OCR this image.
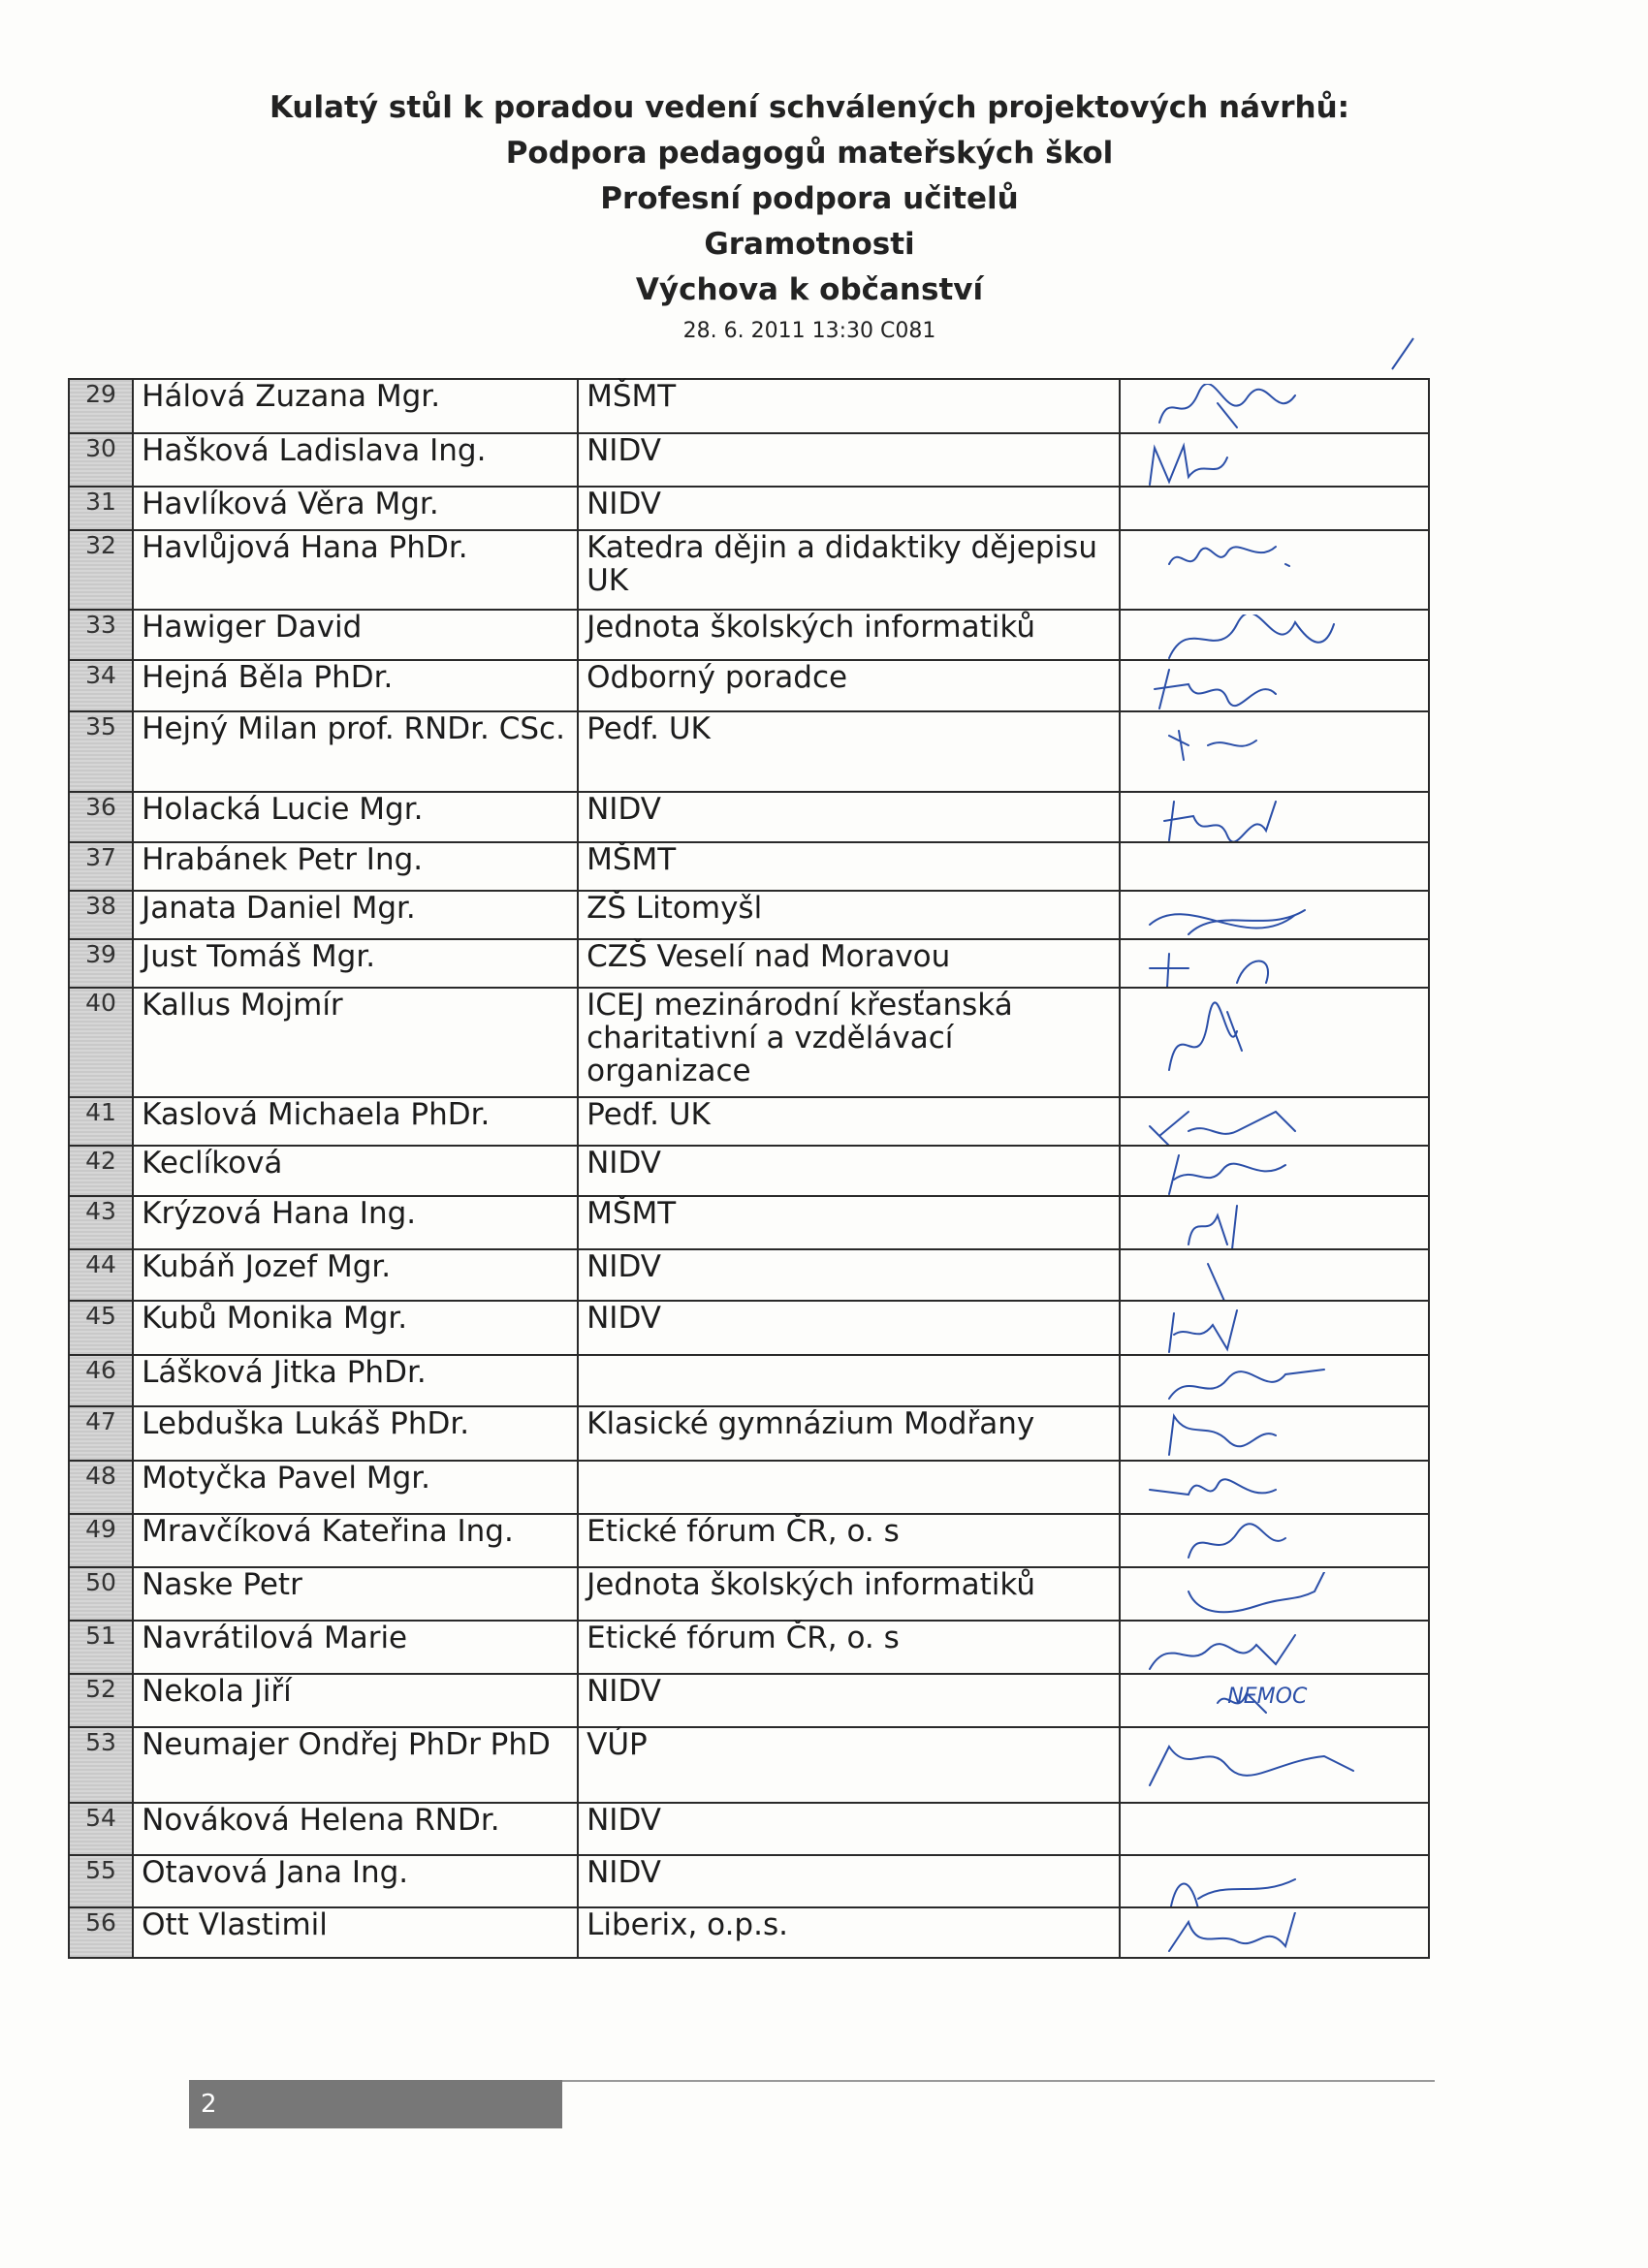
Kulatý stůl k poradou vedení schválených projektových návrhů:
Podpora pedagogů mateřských škol
Profesní podpora učitelů
Gramotnosti
Výchova k občanství
28. 6. 2011 13:30 C081
29	Hálová Zuzana Mgr.	MŠMT	

30	Hašková Ladislava Ing.	NIDV	

31	Havlíková Věra Mgr.	NIDV	
32	Havlůjová Hana PhDr.	Katedra dějin a didaktiky dějepisu UK	

33	Hawiger David	Jednota školských informatiků	

34	Hejná Běla PhDr.	Odborný poradce	

35	Hejný Milan prof. RNDr. CSc.	Pedf. UK	

36	Holacká Lucie Mgr.	NIDV	

37	Hrabánek Petr Ing.	MŠMT	
38	Janata Daniel Mgr.	ZŠ Litomyšl	

39	Just Tomáš Mgr.	CZŠ Veselí nad Moravou	

40	Kallus Mojmír	ICEJ mezinárodní křesťanská charitativní a vzdělávací organizace	

41	Kaslová Michaela PhDr.	Pedf. UK	

42	Keclíková	NIDV	

43	Krýzová Hana Ing.	MŠMT	

44	Kubáň Jozef Mgr.	NIDV	

45	Kubů Monika Mgr.	NIDV	

46	Lášková Jitka PhDr.		

47	Lebduška Lukáš PhDr.	Klasické gymnázium Modřany	

48	Motyčka Pavel Mgr.		

49	Mravčíková Kateřina Ing.	Etické fórum ČR, o. s	

50	Naske Petr	Jednota školských informatiků	

51	Navrátilová Marie	Etické fórum ČR, o. s	

52	Nekola Jiří	NIDV	NEMOC

53	Neumajer Ondřej PhDr PhD	VÚP	

54	Nováková Helena RNDr.	NIDV	
55	Otavová Jana Ing.	NIDV	

56	Ott Vlastimil	Liberix, o.p.s.	
2
